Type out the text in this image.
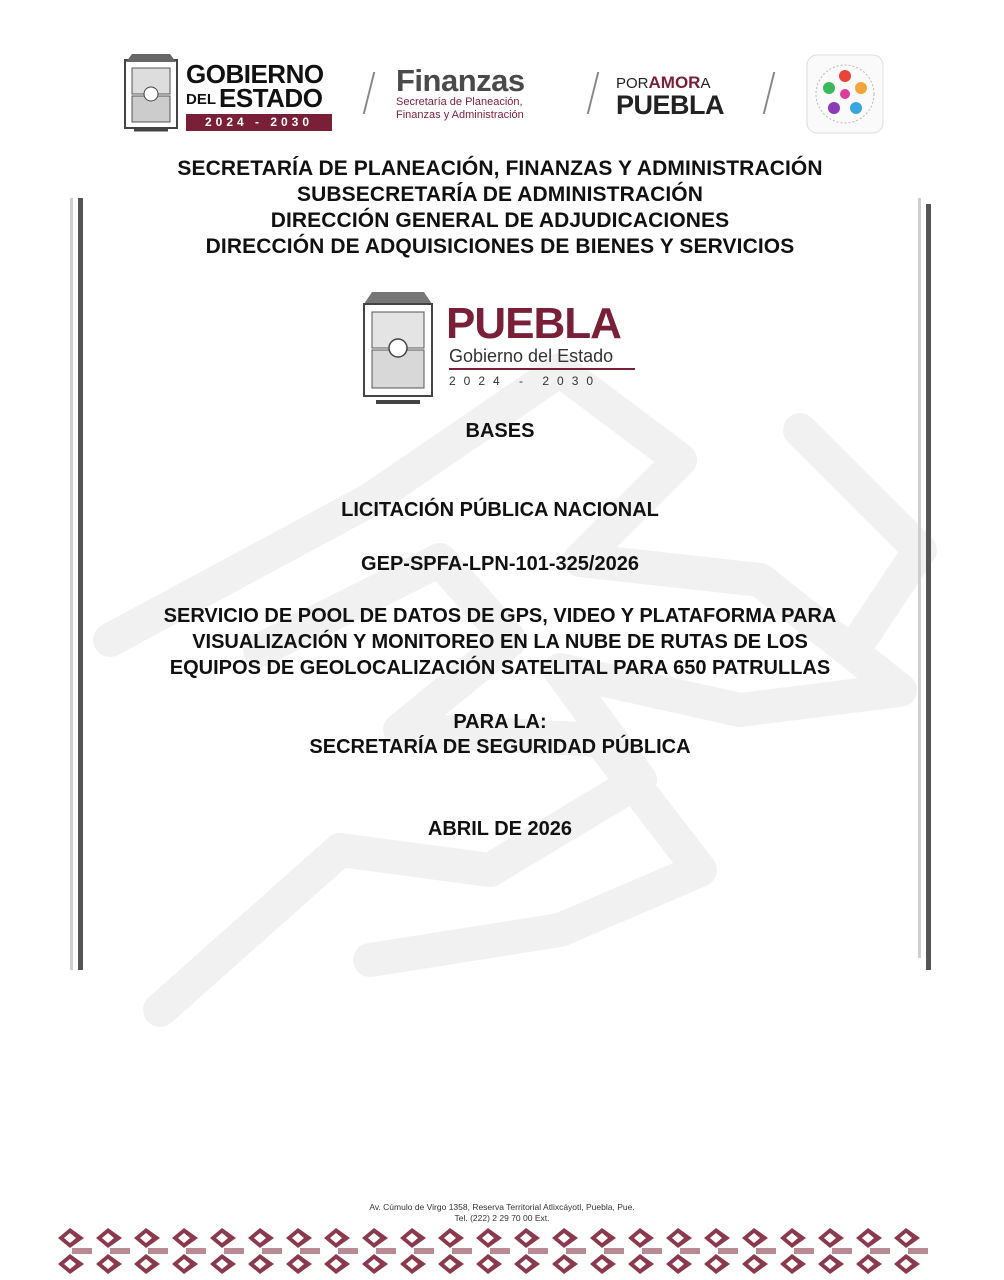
GOBIERNO
DEL ESTADO
2024 - 2030
Finanzas
Secretaría de Planeación,
Finanzas y Administración
PORAMORA
PUEBLA
SECRETARÍA DE PLANEACIÓN, FINANZAS Y ADMINISTRACIÓN
SUBSECRETARÍA DE ADMINISTRACIÓN
DIRECCIÓN GENERAL DE ADJUDICACIONES
DIRECCIÓN DE ADQUISICIONES DE BIENES Y SERVICIOS
PUEBLA
Gobierno del Estado
2024 - 2030
BASES
LICITACIÓN PÚBLICA NACIONAL
GEP-SPFA-LPN-101-325/2026
SERVICIO DE POOL DE DATOS DE GPS, VIDEO Y PLATAFORMA PARA
VISUALIZACIÓN Y MONITOREO EN LA NUBE DE RUTAS DE LOS
EQUIPOS DE GEOLOCALIZACIÓN SATELITAL PARA 650 PATRULLAS
PARA LA:
SECRETARÍA DE SEGURIDAD PÚBLICA
ABRIL DE 2026
Av. Cúmulo de Virgo 1358, Reserva Territorial Atlixcáyotl, Puebla, Pue.
Tel. (222) 2 29 70 00 Ext.
